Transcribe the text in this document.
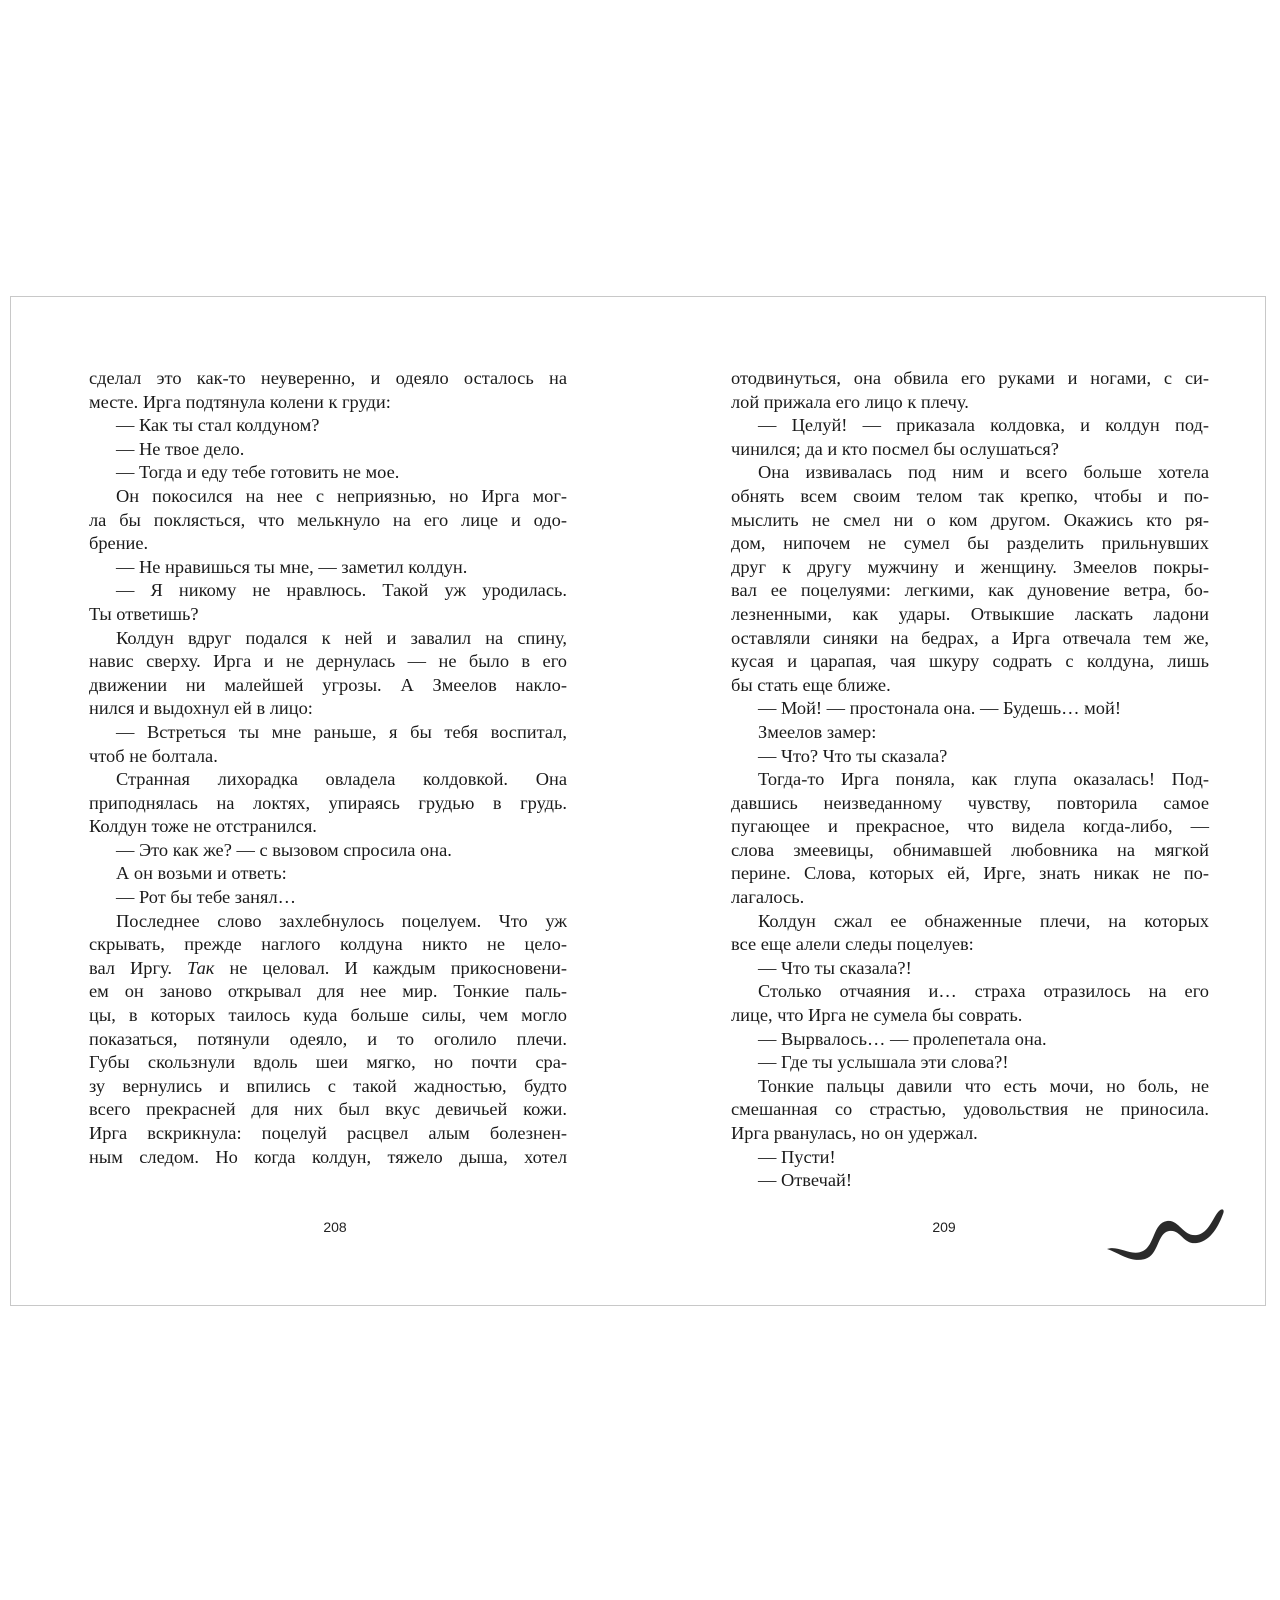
сделал это как-то неуверенно, и одеяло осталось на
месте. Ирга подтянула колени к груди:
— Как ты стал колдуном?
— Не твое дело.
— Тогда и еду тебе готовить не мое.
Он покосился на нее с неприязнью, но Ирга мог-
ла бы поклясться, что мелькнуло на его лице и одо-
брение.
— Не нравишься ты мне, — заметил колдун.
— Я никому не нравлюсь. Такой уж уродилась.
Ты ответишь?
Колдун вдруг подался к ней и завалил на спину,
навис сверху. Ирга и не дернулась — не было в его
движении ни малейшей угрозы. А Змеелов накло-
нился и выдохнул ей в лицо:
— Встреться ты мне раньше, я бы тебя воспитал,
чтоб не болтала.
Странная лихорадка овладела колдовкой. Она
приподнялась на локтях, упираясь грудью в грудь.
Колдун тоже не отстранился.
— Это как же? — с вызовом спросила она.
А он возьми и ответь:
— Рот бы тебе занял…
Последнее слово захлебнулось поцелуем. Что уж
скрывать, прежде наглого колдуна никто не цело-
вал Иргу. Так не целовал. И каждым прикосновени-
ем он заново открывал для нее мир. Тонкие паль-
цы, в которых таилось куда больше силы, чем могло
показаться, потянули одеяло, и то оголило плечи.
Губы скользнули вдоль шеи мягко, но почти сра-
зу вернулись и впились с такой жадностью, будто
всего прекрасней для них был вкус девичьей кожи.
Ирга вскрикнула: поцелуй расцвел алым болезнен-
ным следом. Но когда колдун, тяжело дыша, хотел
208
отодвинуться, она обвила его руками и ногами, с си-
лой прижала его лицо к плечу.
— Целуй! — приказала колдовка, и колдун под-
чинился; да и кто посмел бы ослушаться?
Она извивалась под ним и всего больше хотела
обнять всем своим телом так крепко, чтобы и по-
мыслить не смел ни о ком другом. Окажись кто ря-
дом, нипочем не сумел бы разделить прильнувших
друг к другу мужчину и женщину. Змеелов покры-
вал ее поцелуями: легкими, как дуновение ветра, бо-
лезненными, как удары. Отвыкшие ласкать ладони
оставляли синяки на бедрах, а Ирга отвечала тем же,
кусая и царапая, чая шкуру содрать с колдуна, лишь
бы стать еще ближе.
— Мой! — простонала она. — Будешь… мой!
Змеелов замер:
— Что? Что ты сказала?
Тогда-то Ирга поняла, как глупа оказалась! Под-
давшись неизведанному чувству, повторила самое
пугающее и прекрасное, что видела когда-либо, —
слова змеевицы, обнимавшей любовника на мягкой
перине. Слова, которых ей, Ирге, знать никак не по-
лагалось.
Колдун сжал ее обнаженные плечи, на которых
все еще алели следы поцелуев:
— Что ты сказала?!
Столько отчаяния и… страха отразилось на его
лице, что Ирга не сумела бы соврать.
— Вырвалось… — пролепетала она.
— Где ты услышала эти слова?!
Тонкие пальцы давили что есть мочи, но боль, не
смешанная со страстью, удовольствия не приносила.
Ирга рванулась, но он удержал.
— Пусти!
— Отвечай!
209
